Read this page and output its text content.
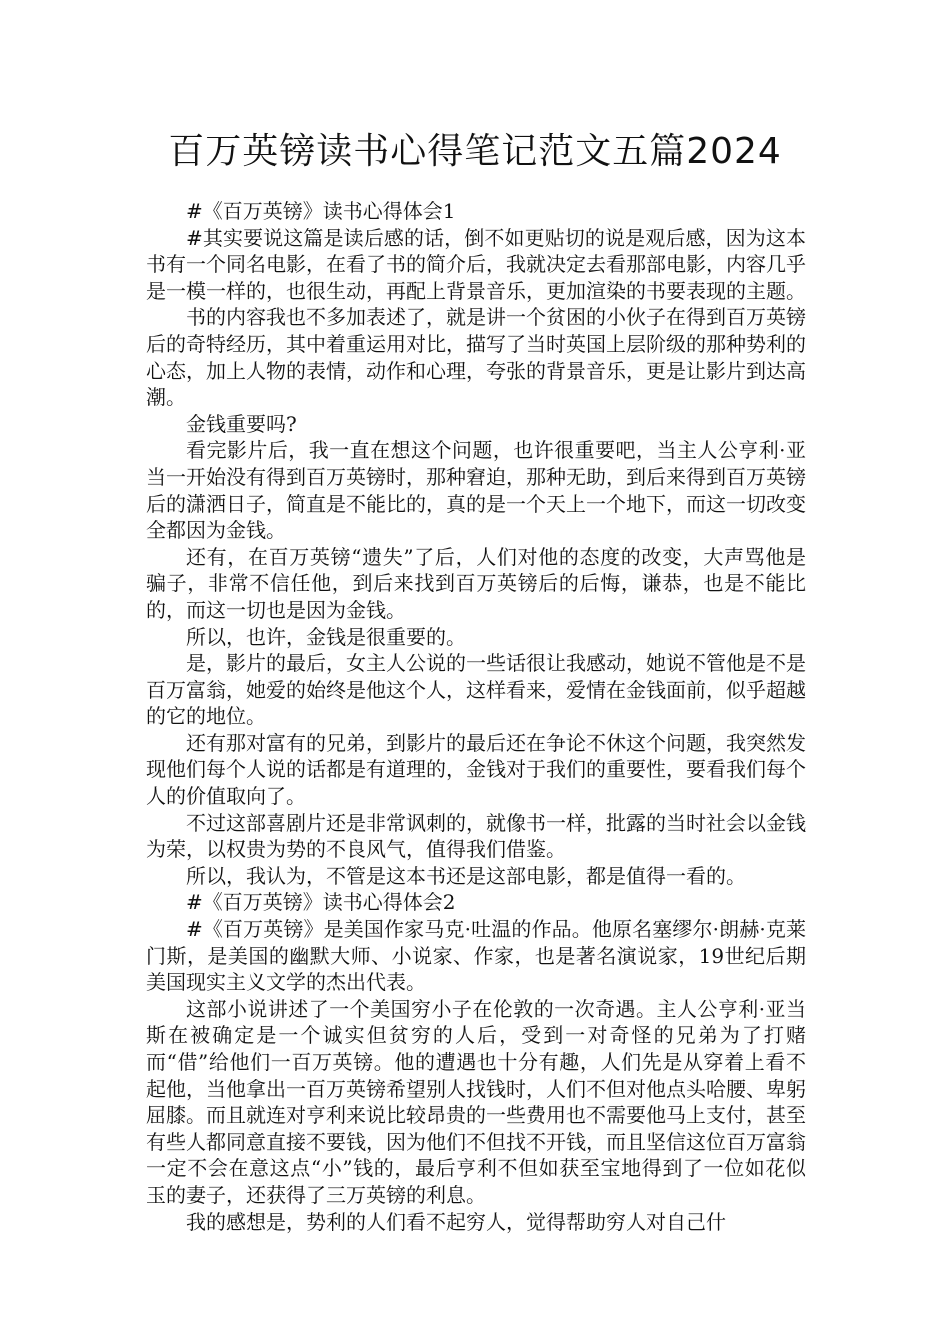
百万英镑读书心得笔记范文五篇2024

#《百万英镑》读书心得体会1

#其实要说这篇是读后感的话，倒不如更贴切的说是观后感，因为这本书有一个同名电影，在看了书的简介后，我就决定去看那部电影，内容几乎是一模一样的，也很生动，再配上背景音乐，更加渲染的书要表现的主题。

书的内容我也不多加表述了，就是讲一个贫困的小伙子在得到百万英镑后的奇特经历，其中着重运用对比，描写了当时英国上层阶级的那种势利的心态，加上人物的表情，动作和心理，夸张的背景音乐，更是让影片到达高潮。

金钱重要吗?

看完影片后，我一直在想这个问题，也许很重要吧，当主人公亨利·亚当一开始没有得到百万英镑时，那种窘迫，那种无助，到后来得到百万英镑后的潇洒日子，简直是不能比的，真的是一个天上一个地下，而这一切改变全都因为金钱。

还有，在百万英镑“遗失”了后，人们对他的态度的改变，大声骂他是骗子，非常不信任他，到后来找到百万英镑后的后悔，谦恭，也是不能比的，而这一切也是因为金钱。

所以，也许，金钱是很重要的。

是，影片的最后，女主人公说的一些话很让我感动，她说不管他是不是百万富翁，她爱的始终是他这个人，这样看来，爱情在金钱面前，似乎超越的它的地位。

还有那对富有的兄弟，到影片的最后还在争论不休这个问题，我突然发现他们每个人说的话都是有道理的，金钱对于我们的重要性，要看我们每个人的价值取向了。

不过这部喜剧片还是非常讽刺的，就像书一样，批露的当时社会以金钱为荣，以权贵为势的不良风气，值得我们借鉴。

所以，我认为，不管是这本书还是这部电影，都是值得一看的。

#《百万英镑》读书心得体会2

#《百万英镑》是美国作家马克·吐温的作品。他原名塞缪尔·朗赫·克莱门斯，是美国的幽默大师、小说家、作家，也是著名演说家，19世纪后期美国现实主义文学的杰出代表。

这部小说讲述了一个美国穷小子在伦敦的一次奇遇。主人公亨利·亚当斯在被确定是一个诚实但贫穷的人后，受到一对奇怪的兄弟为了打赌而“借”给他们一百万英镑。他的遭遇也十分有趣，人们先是从穿着上看不起他，当他拿出一百万英镑希望别人找钱时，人们不但对他点头哈腰、卑躬屈膝。而且就连对亨利来说比较昂贵的一些费用也不需要他马上支付，甚至有些人都同意直接不要钱，因为他们不但找不开钱，而且坚信这位百万富翁一定不会在意这点“小”钱的，最后亨利不但如获至宝地得到了一位如花似玉的妻子，还获得了三万英镑的利息。

我的感想是，势利的人们看不起穷人，觉得帮助穷人对自己什
